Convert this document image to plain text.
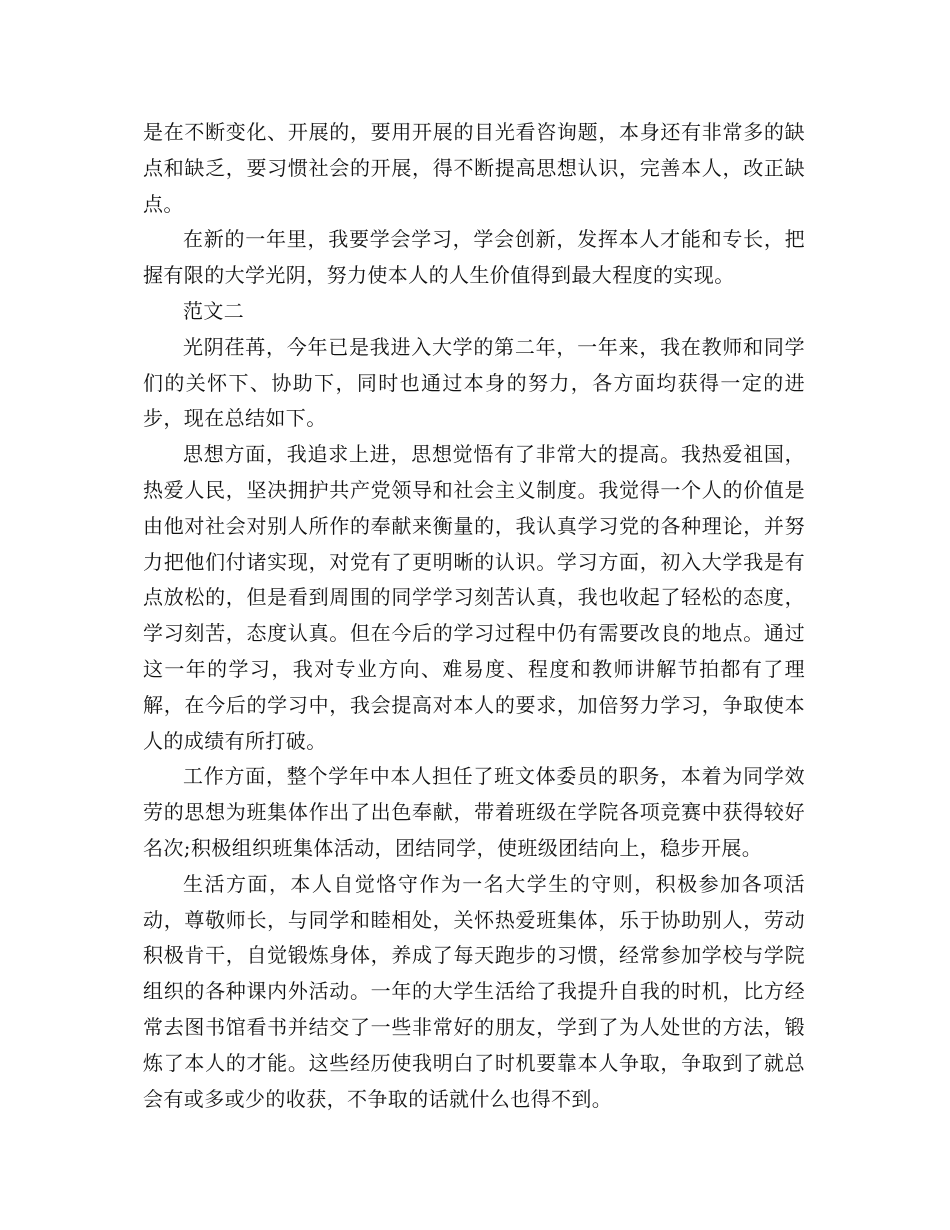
是在不断变化、开展的，要用开展的目光看咨询题，本身还有非常多的缺点和缺乏，要习惯社会的开展，得不断提高思想认识，完善本人，改正缺点。

在新的一年里，我要学会学习，学会创新，发挥本人才能和专长，把握有限的大学光阴，努力使本人的人生价值得到最大程度的实现。

范文二

光阴荏苒，今年已是我进入大学的第二年，一年来，我在教师和同学们的关怀下、协助下，同时也通过本身的努力，各方面均获得一定的进步，现在总结如下。

思想方面，我追求上进，思想觉悟有了非常大的提高。我热爱祖国，热爱人民，坚决拥护共产党领导和社会主义制度。我觉得一个人的价值是由他对社会对别人所作的奉献来衡量的，我认真学习党的各种理论，并努力把他们付诸实现，对党有了更明晰的认识。学习方面，初入大学我是有点放松的，但是看到周围的同学学习刻苦认真，我也收起了轻松的态度，学习刻苦，态度认真。但在今后的学习过程中仍有需要改良的地点。通过这一年的学习，我对专业方向、难易度、程度和教师讲解节拍都有了理解，在今后的学习中，我会提高对本人的要求，加倍努力学习，争取使本人的成绩有所打破。

工作方面，整个学年中本人担任了班文体委员的职务，本着为同学效劳的思想为班集体作出了出色奉献，带着班级在学院各项竞赛中获得较好名次;积极组织班集体活动，团结同学，使班级团结向上，稳步开展。

生活方面，本人自觉恪守作为一名大学生的守则，积极参加各项活动，尊敬师长，与同学和睦相处，关怀热爱班集体，乐于协助别人，劳动积极肯干，自觉锻炼身体，养成了每天跑步的习惯，经常参加学校与学院组织的各种课内外活动。一年的大学生活给了我提升自我的时机，比方经常去图书馆看书并结交了一些非常好的朋友，学到了为人处世的方法，锻炼了本人的才能。这些经历使我明白了时机要靠本人争取，争取到了就总会有或多或少的收获，不争取的话就什么也得不到。
